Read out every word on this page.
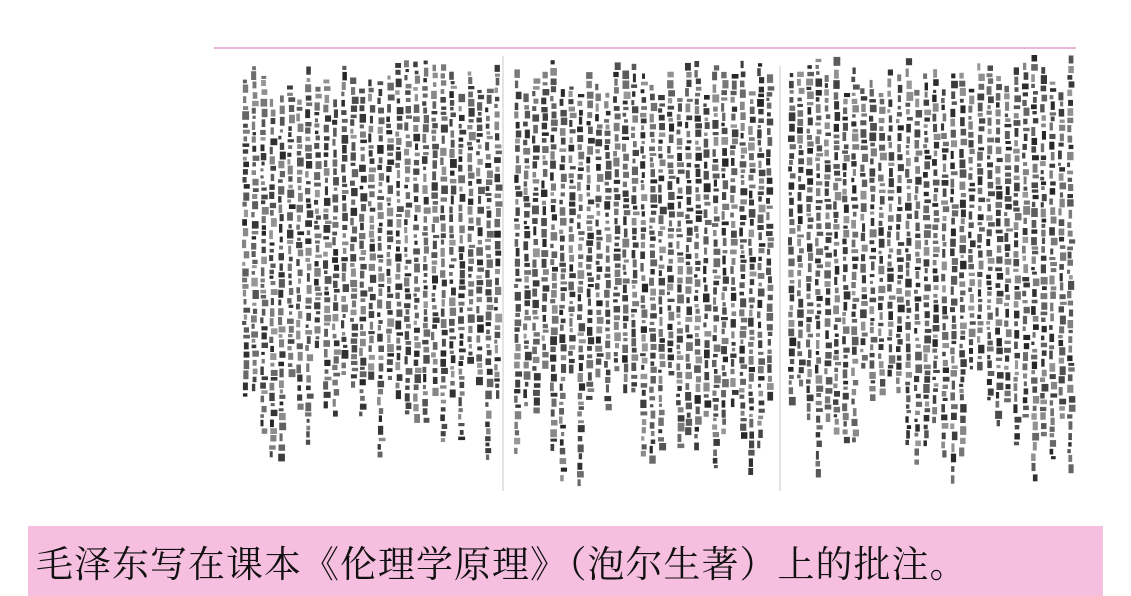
毛泽东写在课本《伦理学原理》（泡尔生著）上的批注。
